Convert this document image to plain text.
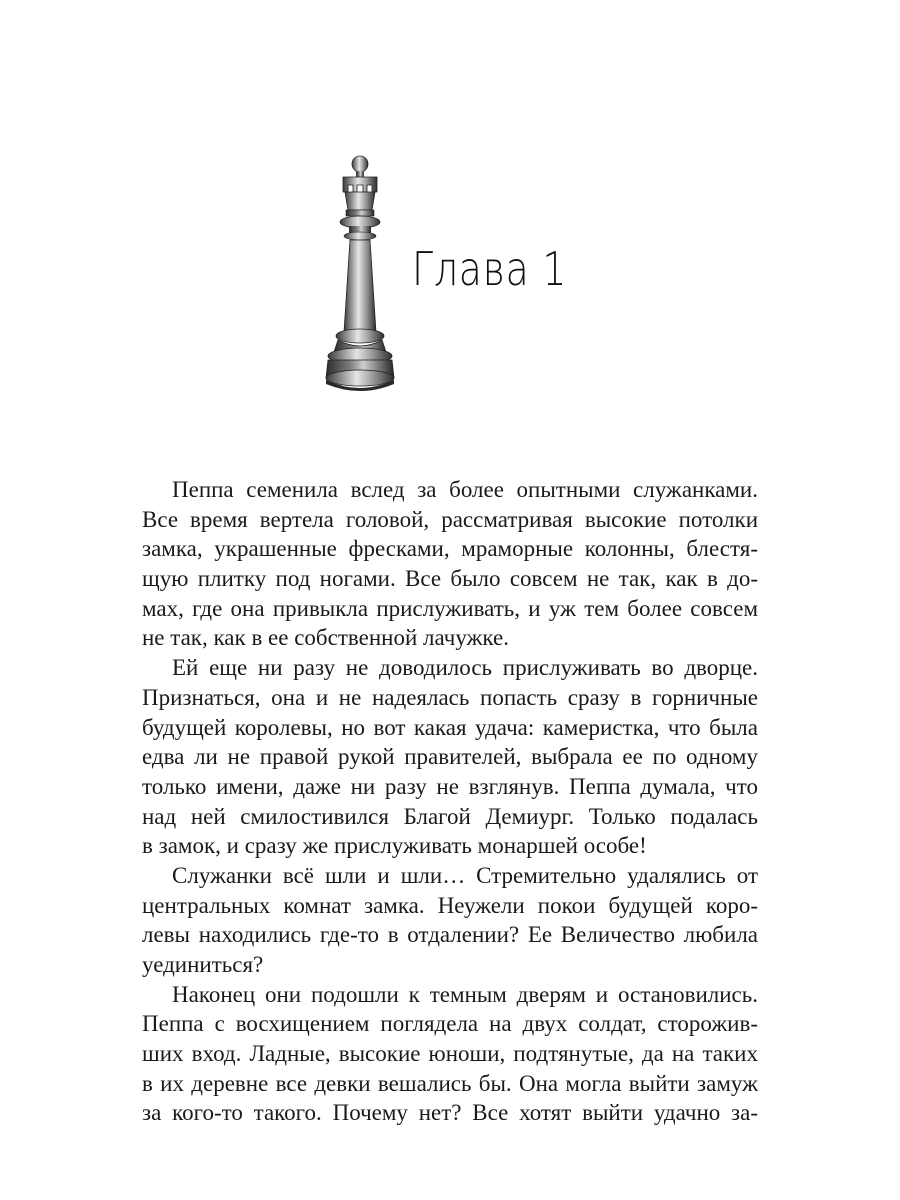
Глава 1

Пеппа семенила вслед за более опытными служанками.
Все время вертела головой, рассматривая высокие потолки
замка, украшенные фресками, мраморные колонны, блестя-
щую плитку под ногами. Все было совсем не так, как в до-
мах, где она привыкла прислуживать, и уж тем более совсем
не так, как в ее собственной лачужке.

Ей еще ни разу не доводилось прислуживать во дворце.
Признаться, она и не надеялась попасть сразу в горничные
будущей королевы, но вот какая удача: камеристка, что была
едва ли не правой рукой правителей, выбрала ее по одному
только имени, даже ни разу не взглянув. Пеппа думала, что
над ней смилостивился Благой Демиург. Только подалась
в замок, и сразу же прислуживать монаршей особе!

Служанки всё шли и шли… Стремительно удалялись от
центральных комнат замка. Неужели покои будущей коро-
левы находились где-то в отдалении? Ее Величество любила
уединиться?

Наконец они подошли к темным дверям и остановились.
Пеппа с восхищением поглядела на двух солдат, сторожив-
ших вход. Ладные, высокие юноши, подтянутые, да на таких
в их деревне все девки вешались бы. Она могла выйти замуж
за кого-то такого. Почему нет? Все хотят выйти удачно за-
